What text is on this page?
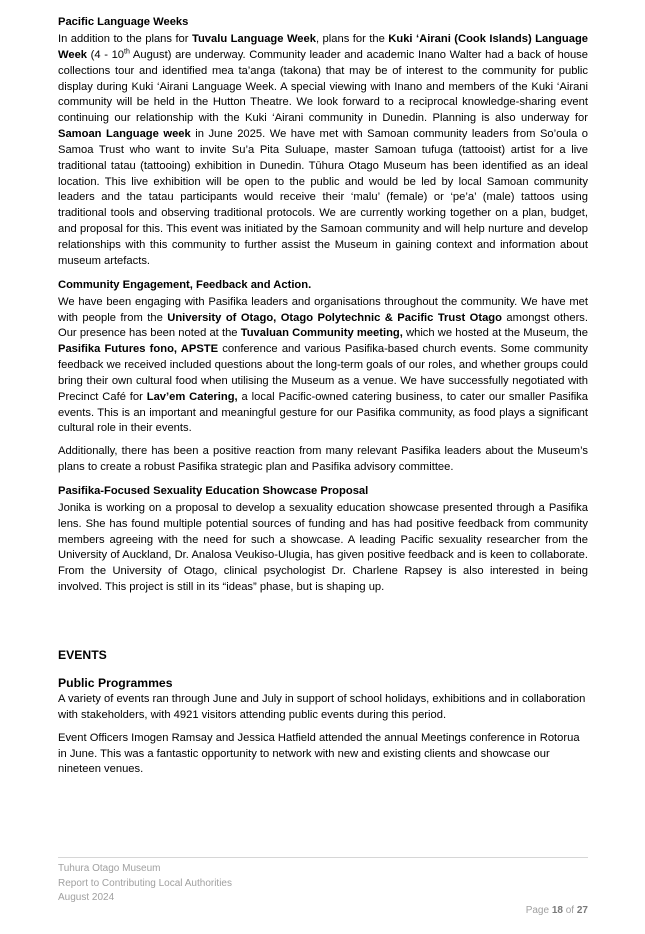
Pacific Language Weeks

In addition to the plans for Tuvalu Language Week, plans for the Kuki ‘Airani (Cook Islands) Language Week (4 - 10th August) are underway. Community leader and academic Inano Walter had a back of house collections tour and identified mea ta’anga (takona) that may be of interest to the community for public display during Kuki ‘Airani Language Week. A special viewing with Inano and members of the Kuki ‘Airani community will be held in the Hutton Theatre. We look forward to a reciprocal knowledge-sharing event continuing our relationship with the Kuki ‘Airani community in Dunedin. Planning is also underway for Samoan Language week in June 2025. We have met with Samoan community leaders from So’oula o Samoa Trust who want to invite Su’a Pita Suluape, master Samoan tufuga (tattooist) artist for a live traditional tatau (tattooing) exhibition in Dunedin. Tūhura Otago Museum has been identified as an ideal location. This live exhibition will be open to the public and would be led by local Samoan community leaders and the tatau participants would receive their ‘malu’ (female) or ‘pe’a’ (male) tattoos using traditional tools and observing traditional protocols. We are currently working together on a plan, budget, and proposal for this. This event was initiated by the Samoan community and will help nurture and develop relationships with this community to further assist the Museum in gaining context and information about museum artefacts.

Community Engagement, Feedback and Action.

We have been engaging with Pasifika leaders and organisations throughout the community. We have met with people from the University of Otago, Otago Polytechnic & Pacific Trust Otago amongst others. Our presence has been noted at the Tuvaluan Community meeting, which we hosted at the Museum, the Pasifika Futures fono, APSTE conference and various Pasifika-based church events. Some community feedback we received included questions about the long-term goals of our roles, and whether groups could bring their own cultural food when utilising the Museum as a venue. We have successfully negotiated with Precinct Café for Lav’em Catering, a local Pacific-owned catering business, to cater our smaller Pasifika events. This is an important and meaningful gesture for our Pasifika community, as food plays a significant cultural role in their events.

Additionally, there has been a positive reaction from many relevant Pasifika leaders about the Museum’s plans to create a robust Pasifika strategic plan and Pasifika advisory committee.

Pasifika-Focused Sexuality Education Showcase Proposal

Jonika is working on a proposal to develop a sexuality education showcase presented through a Pasifika lens. She has found multiple potential sources of funding and has had positive feedback from community members agreeing with the need for such a showcase. A leading Pacific sexuality researcher from the University of Auckland, Dr. Analosa Veukiso-Ulugia, has given positive feedback and is keen to collaborate. From the University of Otago, clinical psychologist Dr. Charlene Rapsey is also interested in being involved. This project is still in its “ideas” phase, but is shaping up.

EVENTS
Public Programmes

A variety of events ran through June and July in support of school holidays, exhibitions and in collaboration with stakeholders, with 4921 visitors attending public events during this period.

Event Officers Imogen Ramsay and Jessica Hatfield attended the annual Meetings conference in Rotorua in June. This was a fantastic opportunity to network with new and existing clients and showcase our nineteen venues.

Tuhura Otago Museum
Report to Contributing Local Authorities
August 2024
Page 18 of 27
